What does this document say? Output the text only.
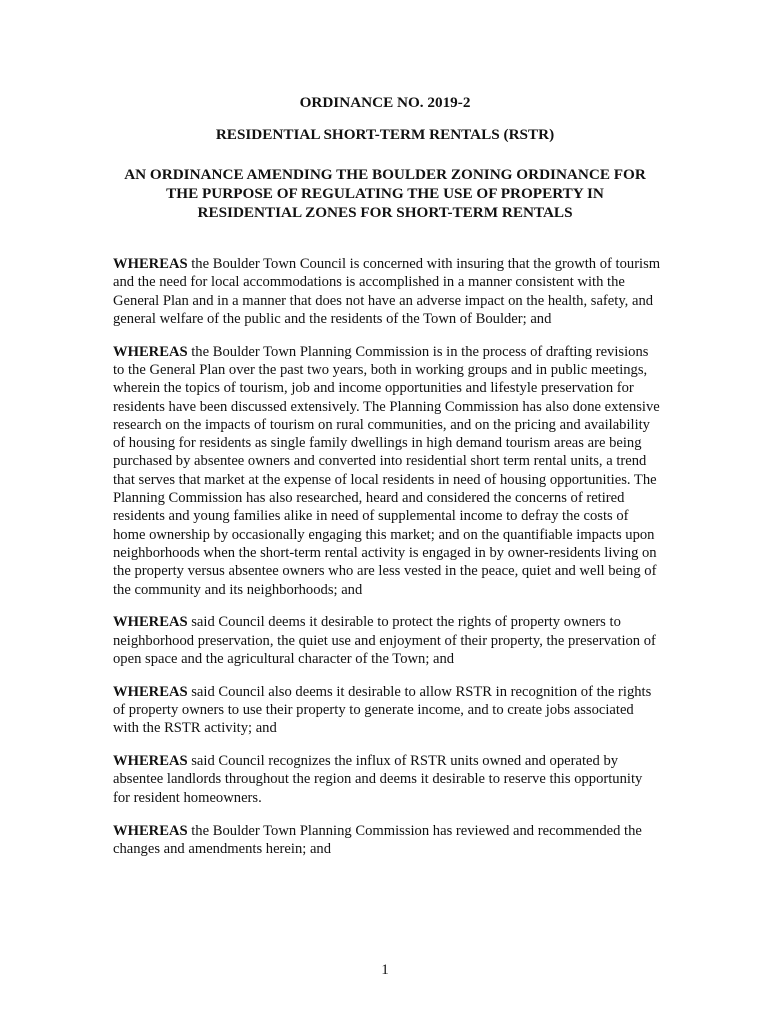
ORDINANCE NO. 2019-2
RESIDENTIAL SHORT-TERM RENTALS (RSTR)
AN ORDINANCE AMENDING THE BOULDER ZONING ORDINANCE FOR
THE PURPOSE OF REGULATING THE USE OF PROPERTY IN
RESIDENTIAL ZONES FOR SHORT-TERM RENTALS

WHEREAS the Boulder Town Council is concerned with insuring that the growth of tourism and the need for local accommodations is accomplished in a manner consistent with the General Plan and in a manner that does not have an adverse impact on the health, safety, and general welfare of the public and the residents of the Town of Boulder; and

WHEREAS the Boulder Town Planning Commission is in the process of drafting revisions to the General Plan over the past two years, both in working groups and in public meetings, wherein the topics of tourism, job and income opportunities and lifestyle preservation for residents have been discussed extensively. The Planning Commission has also done extensive research on the impacts of tourism on rural communities, and on the pricing and availability of housing for residents as single family dwellings in high demand tourism areas are being purchased by absentee owners and converted into residential short term rental units, a trend that serves that market at the expense of local residents in need of housing opportunities. The Planning Commission has also researched, heard and considered the concerns of retired residents and young families alike in need of supplemental income to defray the costs of home ownership by occasionally engaging this market; and on the quantifiable impacts upon neighborhoods when the short-term rental activity is engaged in by owner-residents living on the property versus absentee owners who are less vested in the peace, quiet and well being of the community and its neighborhoods; and

WHEREAS said Council deems it desirable to protect the rights of property owners to neighborhood preservation, the quiet use and enjoyment of their property, the preservation of open space and the agricultural character of the Town; and

WHEREAS said Council also deems it desirable to allow RSTR in recognition of the rights of property owners to use their property to generate income, and to create jobs associated with the RSTR activity; and

WHEREAS said Council recognizes the influx of RSTR units owned and operated by absentee landlords throughout the region and deems it desirable to reserve this opportunity for resident homeowners.

WHEREAS the Boulder Town Planning Commission has reviewed and recommended the changes and amendments herein; and

1
